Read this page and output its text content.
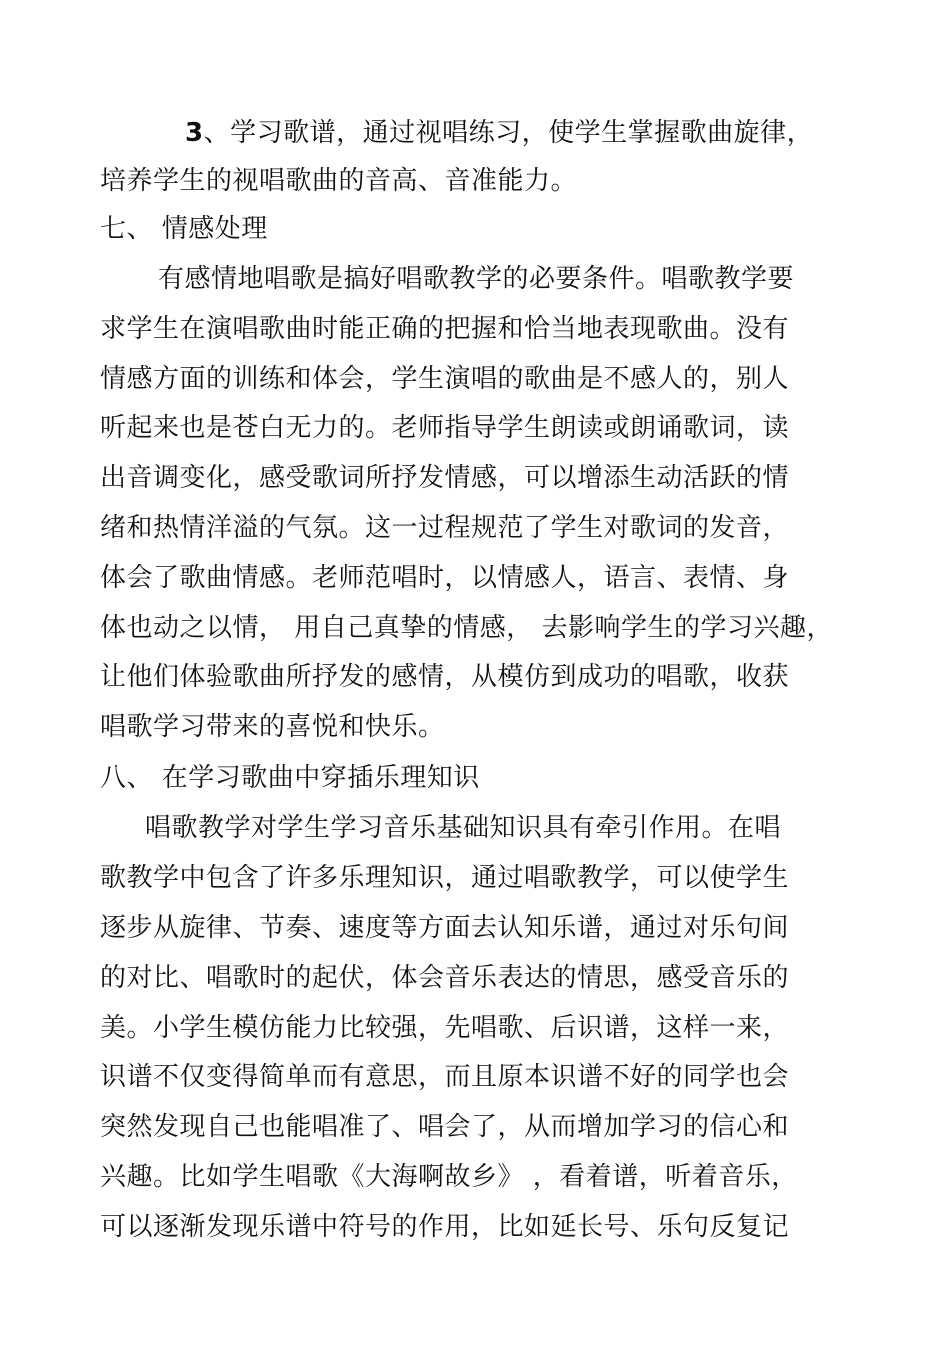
3、学习歌谱，通过视唱练习，使学生掌握歌曲旋律，
培养学生的视唱歌曲的音高、音准能力。
七、 情感处理
有感情地唱歌是搞好唱歌教学的必要条件。唱歌教学要
求学生在演唱歌曲时能正确的把握和恰当地表现歌曲。没有
情感方面的训练和体会，学生演唱的歌曲是不感人的，别人
听起来也是苍白无力的。老师指导学生朗读或朗诵歌词，读
出音调变化，感受歌词所抒发情感，可以增添生动活跃的情
绪和热情洋溢的气氛。这一过程规范了学生对歌词的发音，
体会了歌曲情感。老师范唱时，以情感人，语言、表情、身
体也动之以情， 用自己真挚的情感， 去影响学生的学习兴趣，
让他们体验歌曲所抒发的感情，从模仿到成功的唱歌，收获
唱歌学习带来的喜悦和快乐。
八、 在学习歌曲中穿插乐理知识
唱歌教学对学生学习音乐基础知识具有牵引作用。在唱
歌教学中包含了许多乐理知识，通过唱歌教学，可以使学生
逐步从旋律、节奏、速度等方面去认知乐谱，通过对乐句间
的对比、唱歌时的起伏，体会音乐表达的情思，感受音乐的
美。小学生模仿能力比较强，先唱歌、后识谱，这样一来，
识谱不仅变得简单而有意思，而且原本识谱不好的同学也会
突然发现自己也能唱准了、唱会了，从而增加学习的信心和
兴趣。比如学生唱歌《大海啊故乡》 ，看着谱，听着音乐，
可以逐渐发现乐谱中符号的作用，比如延长号、乐句反复记
